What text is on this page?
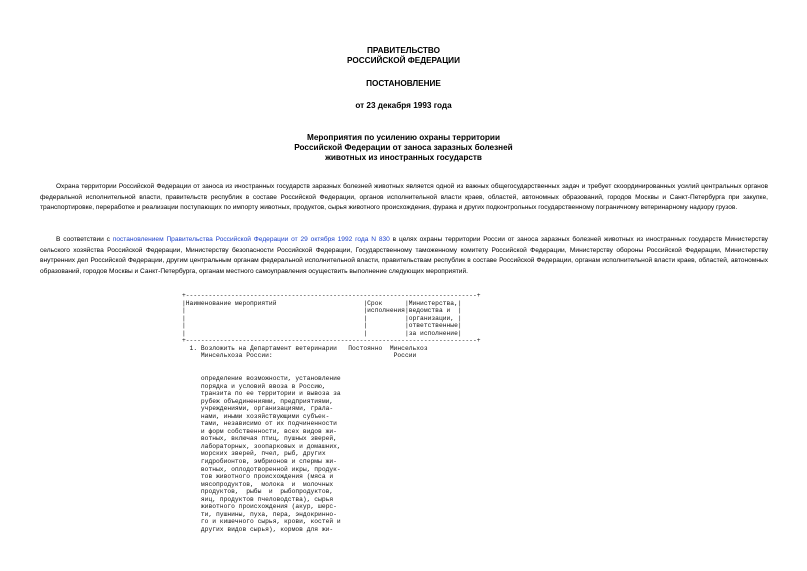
ПРАВИТЕЛЬСТВО
РОССИЙСКОЙ ФЕДЕРАЦИИ
ПОСТАНОВЛЕНИЕ
от 23 декабря 1993 года
Мероприятия по усилению охраны территории
Российской Федерации от заноса заразных болезней
животных из иностранных государств

Охрана территории Российской Федерации от заноса из иностранных государств заразных болезней животных является одной из важных общегосударственных задач и требует скоординированных усилий центральных органов федеральной исполнительной власти, правительств республик в составе Российской Федерации, органов исполнительной власти краев, областей, автономных образований, городов Москвы и Санкт-Петербурга при закупке, транспортировке, переработке и реализации поступающих по импорту животных, продуктов, сырья животного происхождения, фуража и других подконтрольных государственному пограничному ветеринарному надзору грузов.

В соответствии с постановлением Правительства Российской Федерации от 29 октября 1992 года N 830 в целях охраны территории России от заноса заразных болезней животных из иностранных государств Министерству сельского хозяйства Российской Федерации, Министерству безопасности Российской Федерации, Государственному таможенному комитету Российской Федерации, Министерству обороны Российской Федерации, Министерству внутренних дел Российской Федерации, другим центральным органам федеральной исполнительной власти, правительствам республик в составе Российской Федерации, органам исполнительной власти краев, областей, автономных образований, городов Москвы и Санкт-Петербурга, органам местного самоуправления осуществить выполнение следующих мероприятий.

+-----------------------------------------------------------------------------+
|Наименование мероприятий                       |Срок      |Министерства,|
|                                               |исполнения|ведомства и  |
|                                               |          |организации, |
|                                               |          |ответственные|
|                                               |          |за исполнение|
+-----------------------------------------------------------------------------+
1. Возложить на Департамент ветеринарии   Постоянно  Минсельхоз
Минсельхоза России:                                России

определение возможности, установление
порядка и условий ввоза в Россию,
транзита по ее территории и вывоза за
рубеж объединениями, предприятиями,
учреждениями, организациями, грала-
нами, иными хозяйствующими субъек-
тами, независимо от их подчиненности
и форм собственности, всех видов жи-
вотных, включая птиц, пушных зверей,
лабораторных, зоопарковых и домашних,
морских зверей, пчел, рыб, других
гидробионтов, эмбрионов и спермы жи-
вотных, оплодотворенной икры, продук-
тов животного происхождения (мяса и
мясопродуктов,  молока  и  молочных
продуктов,  рыбы  и  рыбопродуктов,
яиц, продуктов пчеловодства), сырья
животного происхождения (акур, шерс-
ти, пушнины, пуха, пера, эндокринно-
го и кишечного сырья, крови, костей и
других видов сырья), кормов для жи-
